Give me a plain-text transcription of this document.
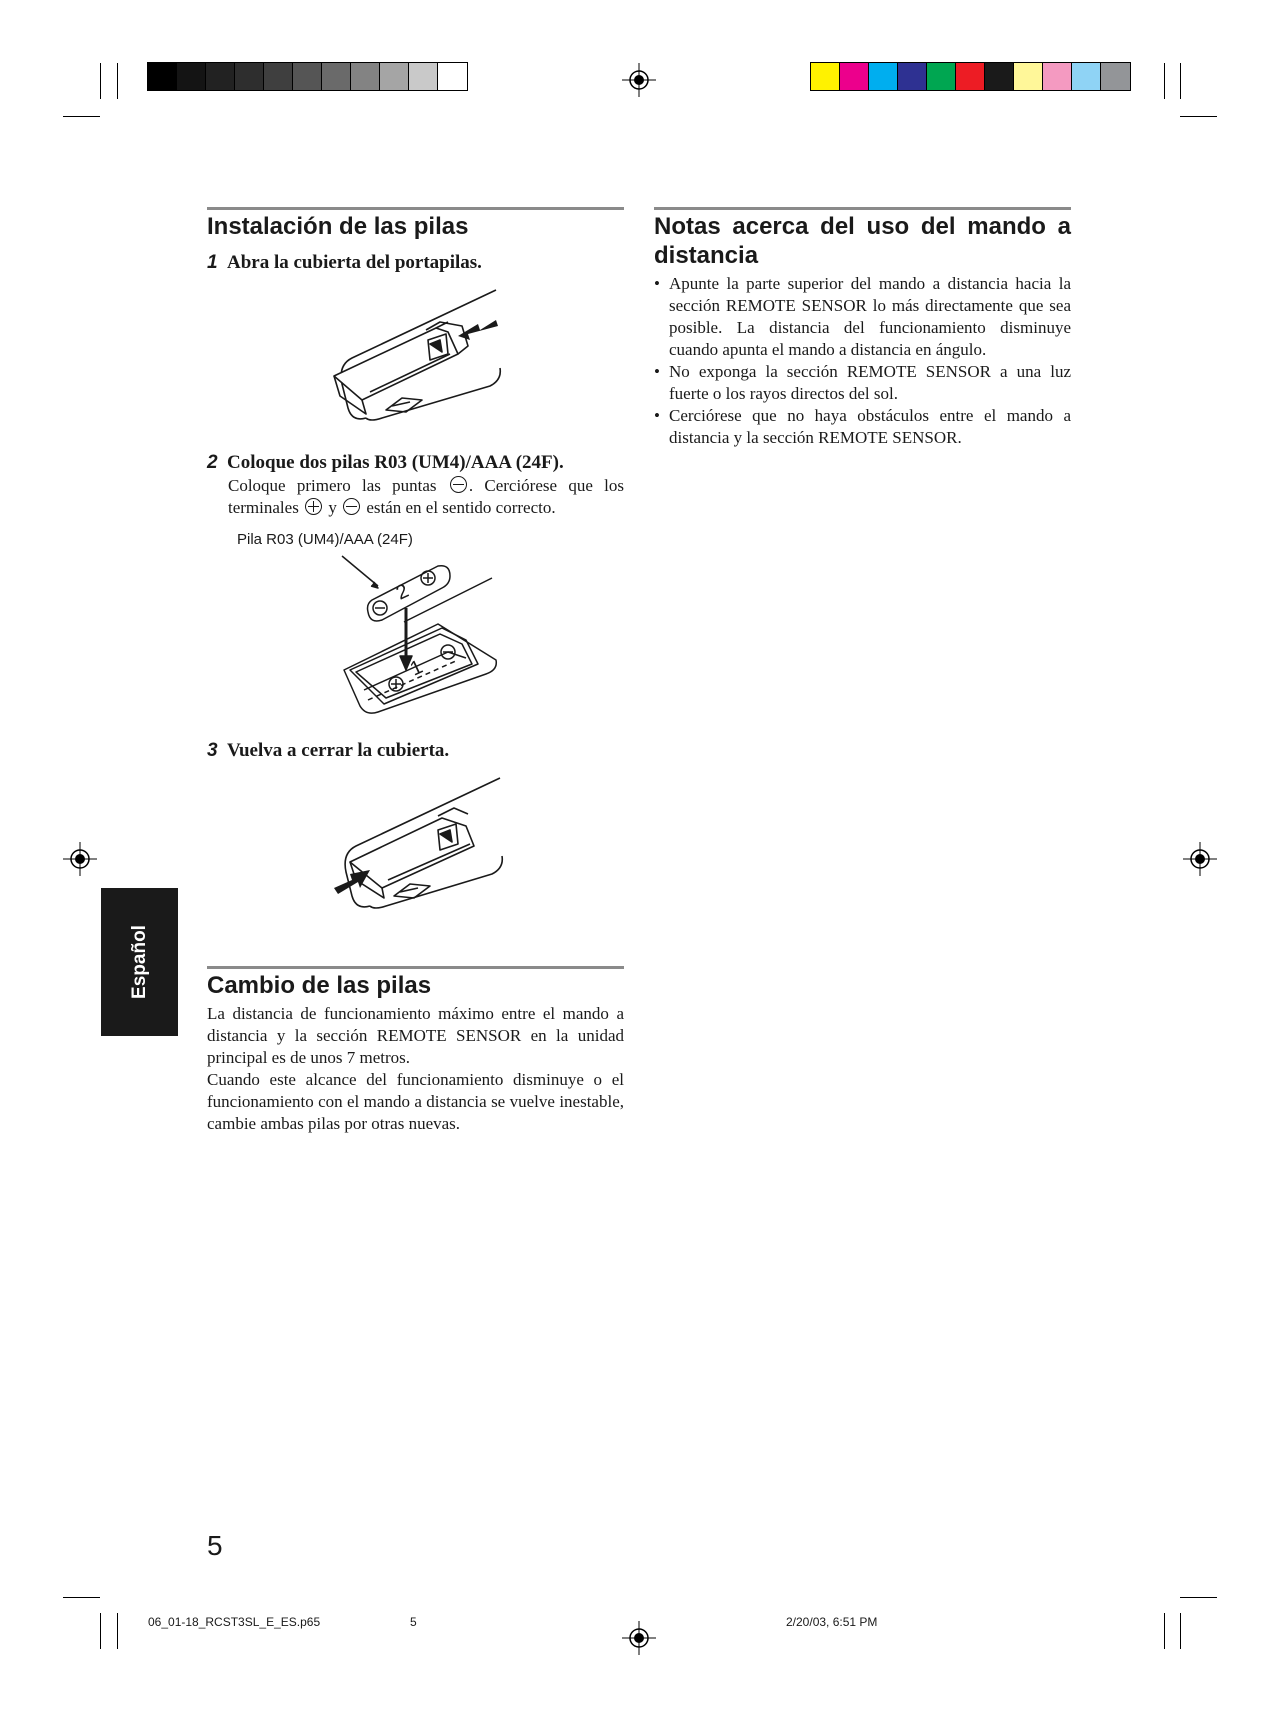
Instalación de las pilas
1 Abra la cubierta del portapilas.
2 Coloque dos pilas R03 (UM4)/AAA (24F).
Coloque primero las puntas . Cerciórese que los terminales y están en el sentido correcto.
Pila R03 (UM4)/AAA (24F)
2
1
3 Vuelva a cerrar la cubierta.
Cambio de las pilas
La distancia de funcionamiento máximo entre el mando a distancia y la sección REMOTE SENSOR en la unidad principal es de unos 7 metros.
Cuando este alcance del funcionamiento disminuye o el funcionamiento con el mando a distancia se vuelve inestable, cambie ambas pilas por otras nuevas.
Notas acerca del uso del mando a distancia
• Apunte la parte superior del mando a distancia hacia la sección REMOTE SENSOR lo más directamente que sea posible. La distancia del funcionamiento disminuye cuando apunta el mando a distancia en ángulo.
• No exponga la sección REMOTE SENSOR a una luz fuerte o los rayos directos del sol.
• Cerciórese que no haya obstáculos entre el mando a distancia y la sección REMOTE SENSOR.
Español
5
06_01-18_RCST3SL_E_ES.p65	5	2/20/03, 6:51 PM
